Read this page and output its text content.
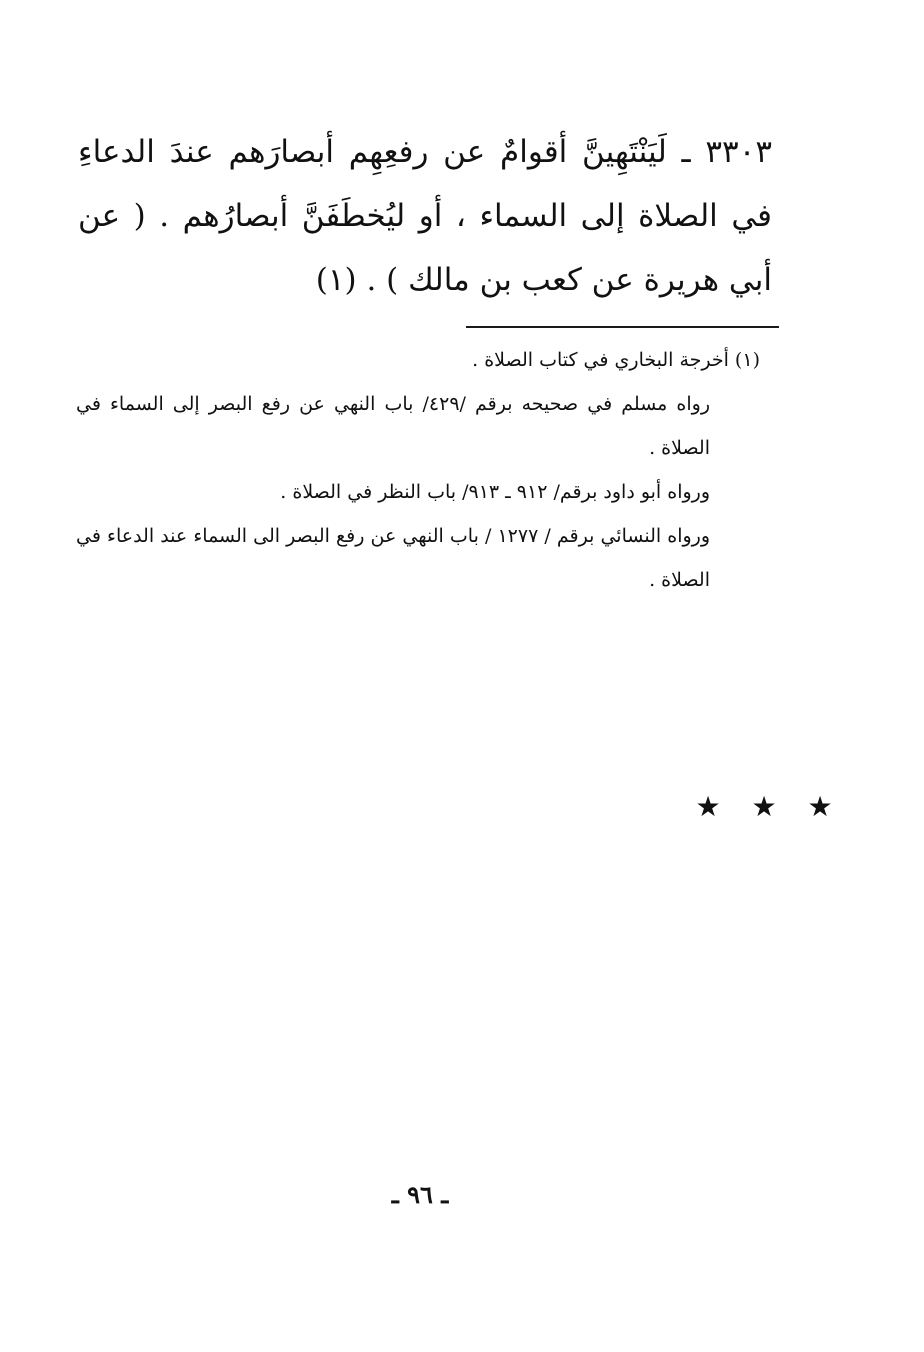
٣٣٠٣ ـ لَيَنْتَهِينَّ أقوامٌ عن رفعِهِم أبصارَهم عندَ الدعاءِ في الصلاة إلى السماء ، أو ليُخطَفَنَّ أبصارُهم . ( عن أبي هريرة عن كعب بن مالك ) . (١)

(١) أخرجة البخاري في كتاب الصلاة .

رواه مسلم في صحيحه برقم /٤٢٩/ باب النهي عن رفع البصر إلى السماء في الصلاة .

ورواه أبو داود برقم/ ٩١٢ ـ ٩١٣/ باب النظر في الصلاة .

ورواه النسائي برقم / ١٢٧٧ / باب النهي عن رفع البصر الى السماء عند الدعاء في الصلاة .

★ ★ ★
ـ ٩٦ ـ
